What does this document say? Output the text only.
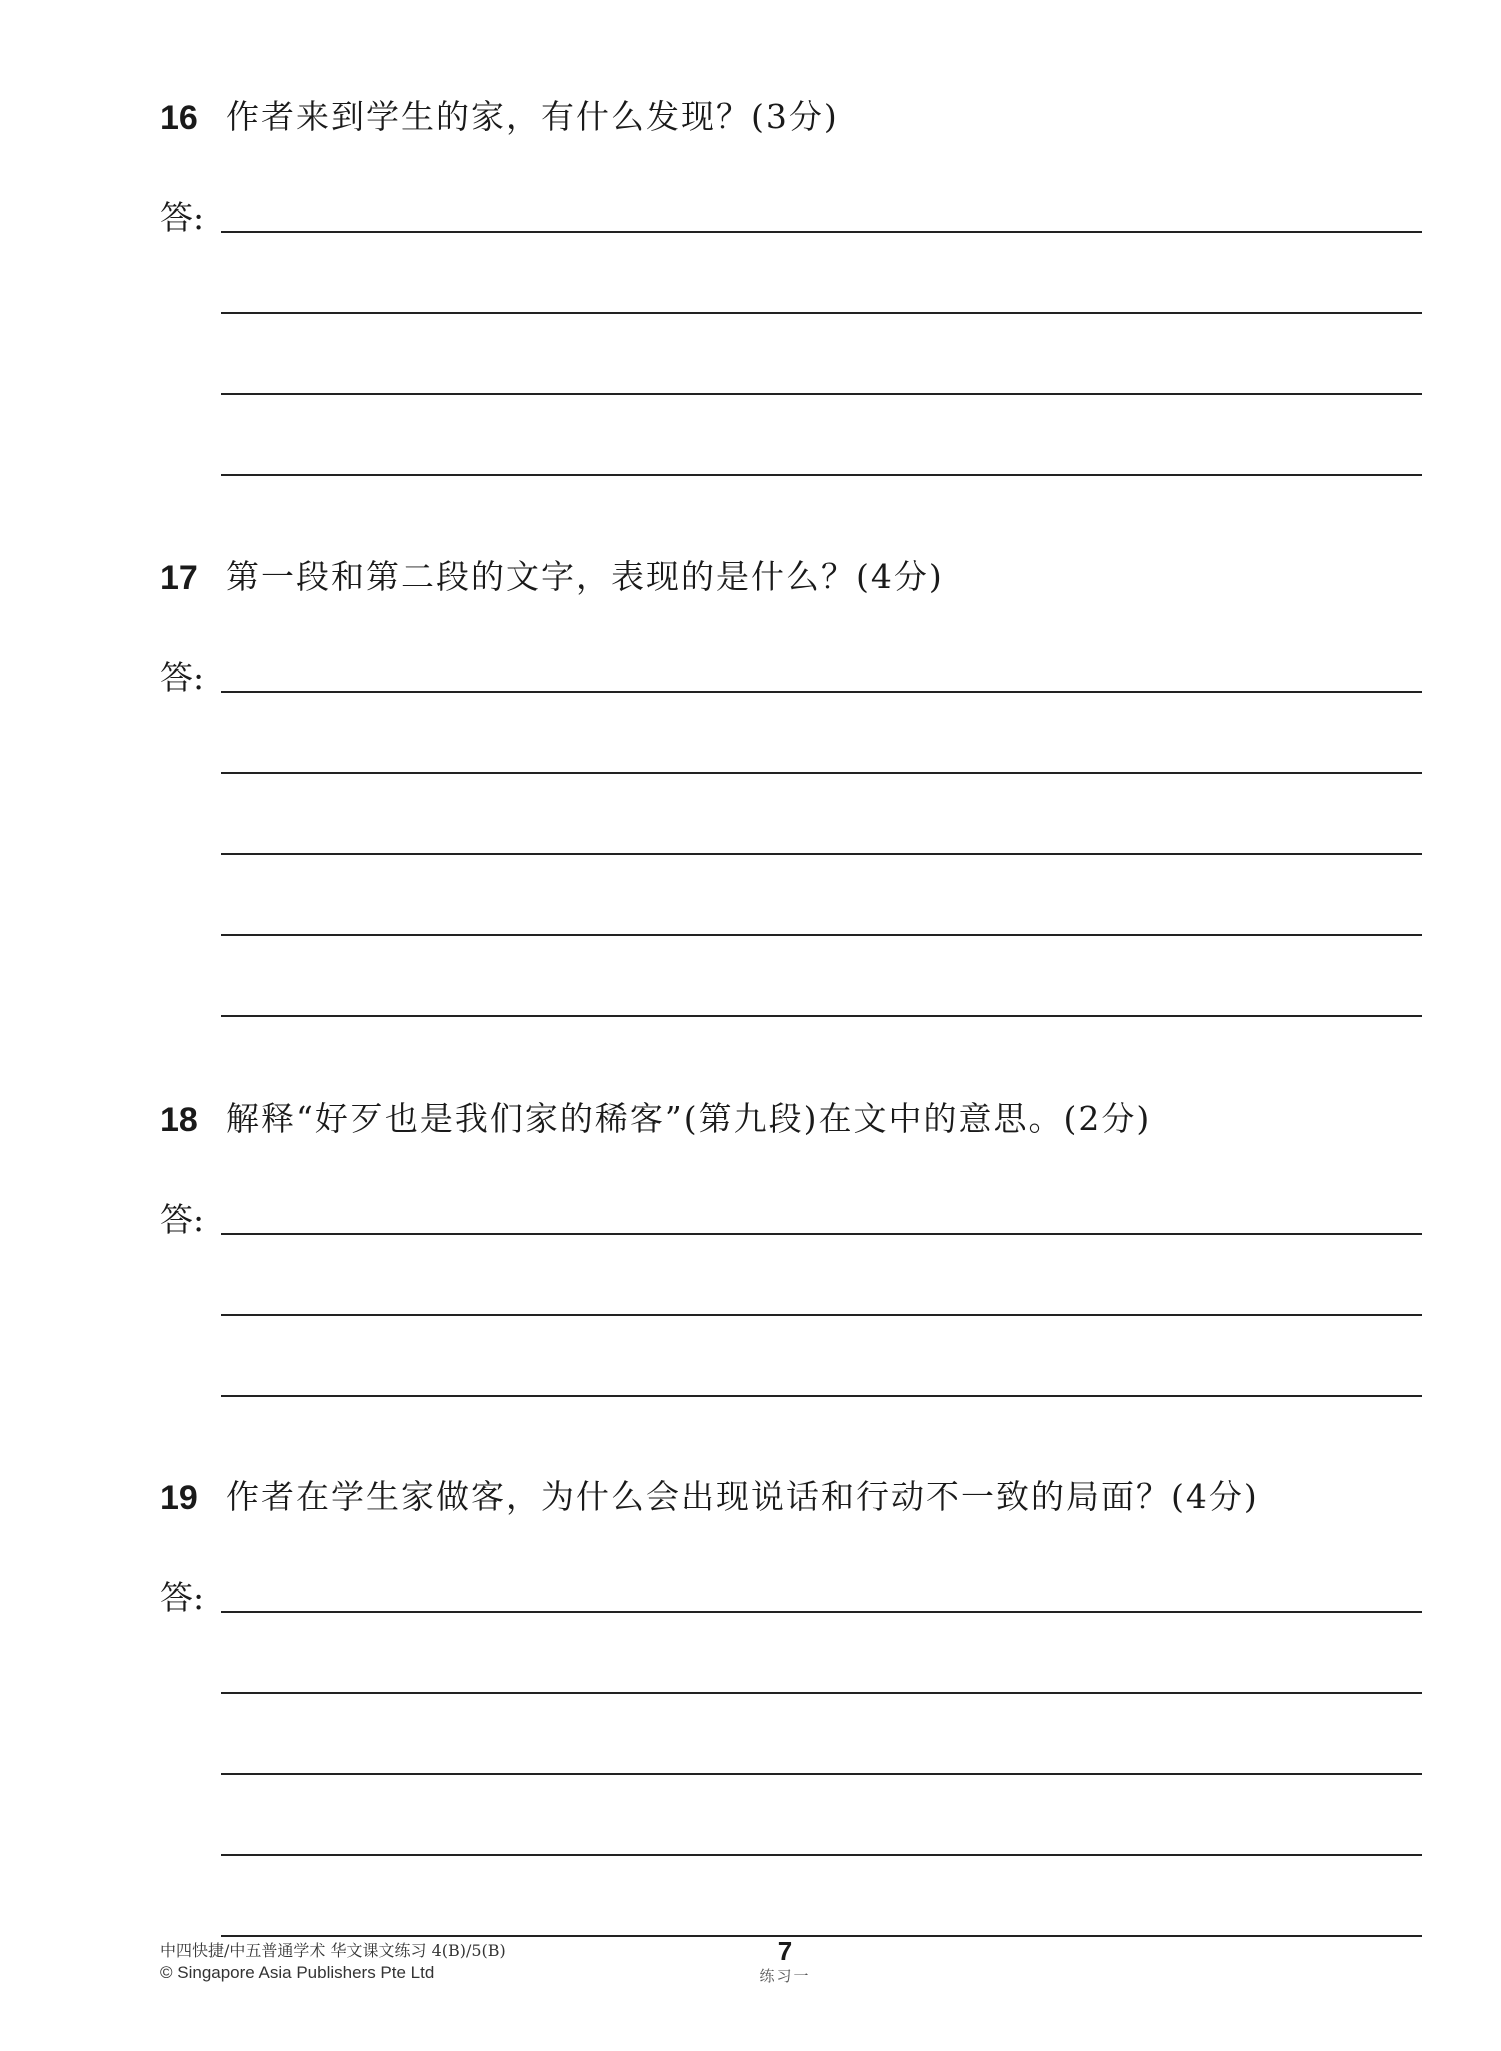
16 作者来到学生的家，有什么发现？(3分)
答:
17 第一段和第二段的文字，表现的是什么？(4分)
答:
18 解释“好歹也是我们家的稀客”(第九段)在文中的意思。(2分)
答:
19 作者在学生家做客，为什么会出现说话和行动不一致的局面？(4分)
答:
中四快捷/中五普通学术 华文课文练习 4(B)/5(B)
© Singapore Asia Publishers Pte Ltd
7
练习一
